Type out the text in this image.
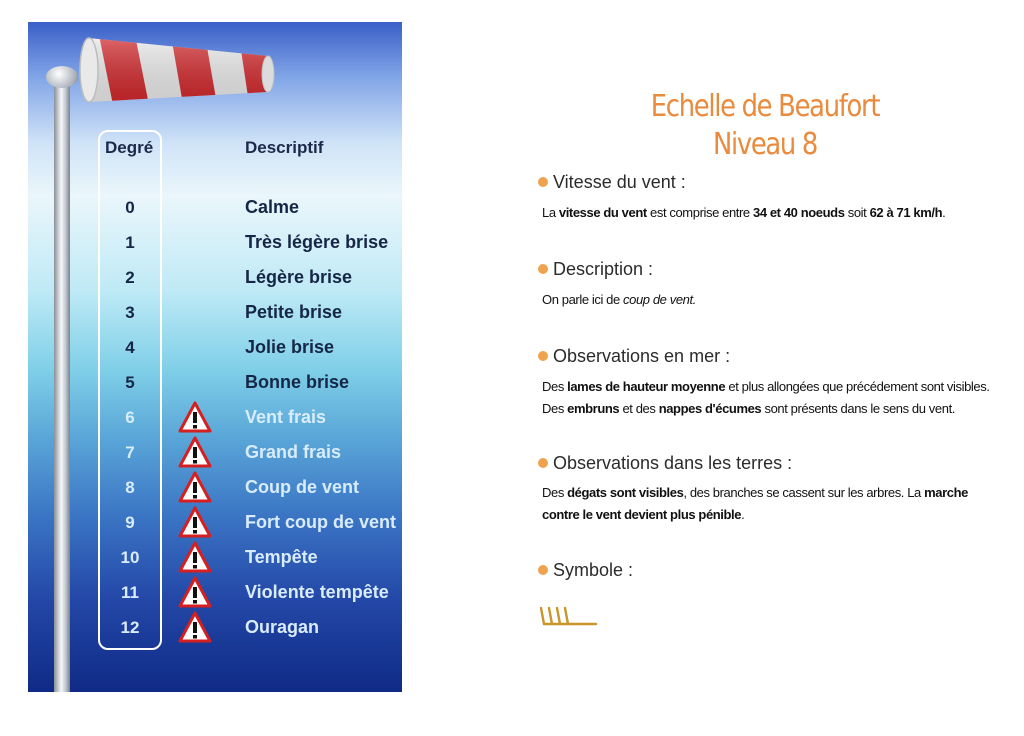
Degré	Descriptif
0	Calme
1	Très légère brise
2	Légère brise
3	Petite brise
4	Jolie brise
5	Bonne brise
6	Vent frais
7	Grand frais
8	Coup de vent
9	Fort coup de vent
10	Tempête
11	Violente tempête
12	Ouragan
Echelle de Beaufort
Niveau 8
Vitesse du vent :
La vitesse du vent est comprise entre 34 et 40 noeuds soit 62 à 71 km/h.
Description :
On parle ici de coup de vent.
Observations en mer :
Des lames de hauteur moyenne et plus allongées que précédement sont visibles. Des embruns et des nappes d'écumes sont présents dans le sens du vent.
Observations dans les terres :
Des dégats sont visibles, des branches se cassent sur les arbres. La marche contre le vent devient plus pénible.
Symbole :
